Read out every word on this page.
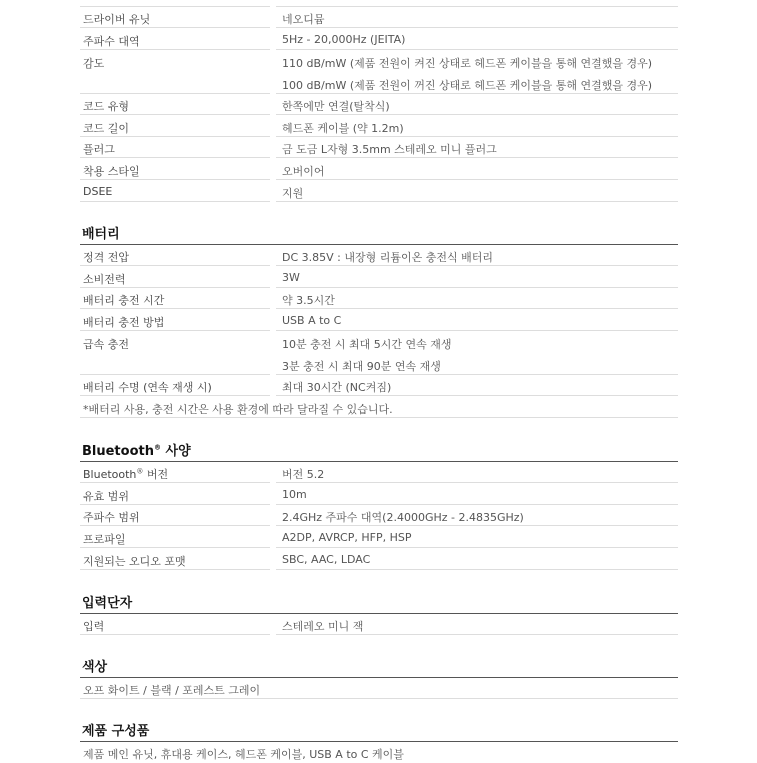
드라이버 유닛	네오디뮴
주파수 대역	5Hz - 20,000Hz (JEITA)
감도	110 dB/mW (제품 전원이 켜진 상태로 헤드폰 케이블을 통해 연결했을 경우)
100 dB/mW (제품 전원이 꺼진 상태로 헤드폰 케이블을 통해 연결했을 경우)
코드 유형	한쪽에만 연결(탈착식)
코드 길이	헤드폰 케이블 (약 1.2m)
플러그	금 도금 L자형 3.5mm 스테레오 미니 플러그
착용 스타일	오버이어
DSEE	지원
배터리
정격 전압	DC 3.85V : 내장형 리튬이온 충전식 배터리
소비전력	3W
배터리 충전 시간	약 3.5시간
배터리 충전 방법	USB A to C
급속 충전	10분 충전 시 최대 5시간 연속 재생
3분 충전 시 최대 90분 연속 재생
배터리 수명 (연속 재생 시)	최대 30시간 (NC켜짐)
*배터리 사용, 충전 시간은 사용 환경에 따라 달라질 수 있습니다.
Bluetooth® 사양
Bluetooth® 버전	버전 5.2
유효 범위	10m
주파수 범위	2.4GHz 주파수 대역(2.4000GHz - 2.4835GHz)
프로파일	A2DP, AVRCP, HFP, HSP
지원되는 오디오 포맷	SBC, AAC, LDAC
입력단자
입력	스테레오 미니 잭
색상
오프 화이트 / 블랙 / 포레스트 그레이
제품 구성품
제품 메인 유닛, 휴대용 케이스, 헤드폰 케이블, USB A to C 케이블
